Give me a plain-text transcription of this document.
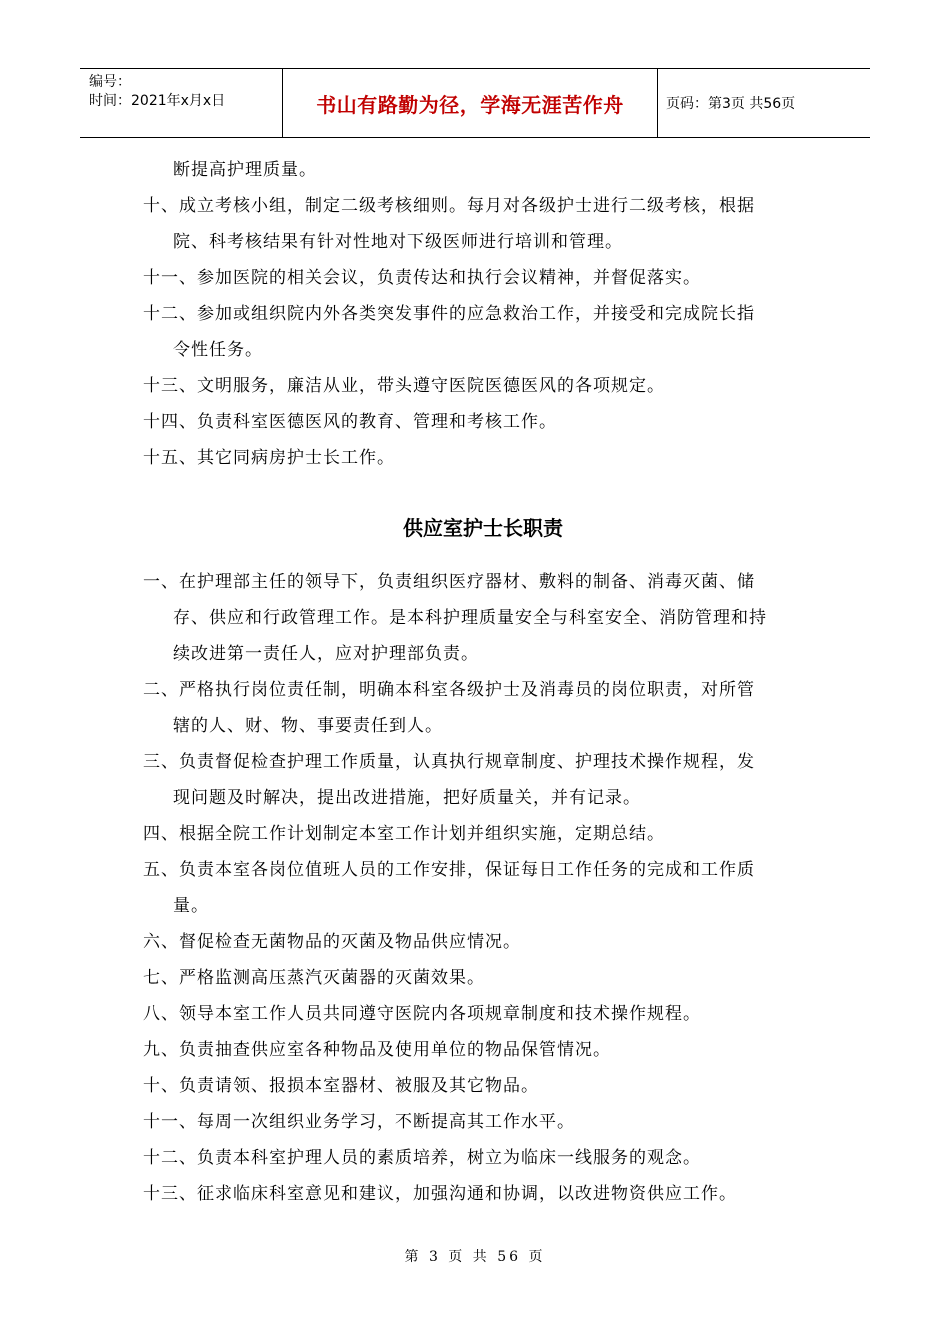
编号：
时间：2021年x月x日	书山有路勤为径，学海无涯苦作舟	页码：第3页 共56页
断提高护理质量。
十、成立考核小组，制定二级考核细则。每月对各级护士进行二级考核，根据
院、科考核结果有针对性地对下级医师进行培训和管理。
十一、参加医院的相关会议，负责传达和执行会议精神，并督促落实。
十二、参加或组织院内外各类突发事件的应急救治工作，并接受和完成院长指
令性任务。
十三、文明服务，廉洁从业，带头遵守医院医德医风的各项规定。
十四、负责科室医德医风的教育、管理和考核工作。
十五、其它同病房护士长工作。
供应室护士长职责
一、在护理部主任的领导下，负责组织医疗器材、敷料的制备、消毒灭菌、储
存、供应和行政管理工作。是本科护理质量安全与科室安全、消防管理和持
续改进第一责任人，应对护理部负责。
二、严格执行岗位责任制，明确本科室各级护士及消毒员的岗位职责，对所管
辖的人、财、物、事要责任到人。
三、负责督促检查护理工作质量，认真执行规章制度、护理技术操作规程，发
现问题及时解决，提出改进措施，把好质量关，并有记录。
四、根据全院工作计划制定本室工作计划并组织实施，定期总结。
五、负责本室各岗位值班人员的工作安排，保证每日工作任务的完成和工作质
量。
六、督促检查无菌物品的灭菌及物品供应情况。
七、严格监测高压蒸汽灭菌器的灭菌效果。
八、领导本室工作人员共同遵守医院内各项规章制度和技术操作规程。
九、负责抽查供应室各种物品及使用单位的物品保管情况。
十、负责请领、报损本室器材、被服及其它物品。
十一、每周一次组织业务学习，不断提高其工作水平。
十二、负责本科室护理人员的素质培养，树立为临床一线服务的观念。
十三、征求临床科室意见和建议，加强沟通和协调，以改进物资供应工作。
第 3 页 共 56 页
